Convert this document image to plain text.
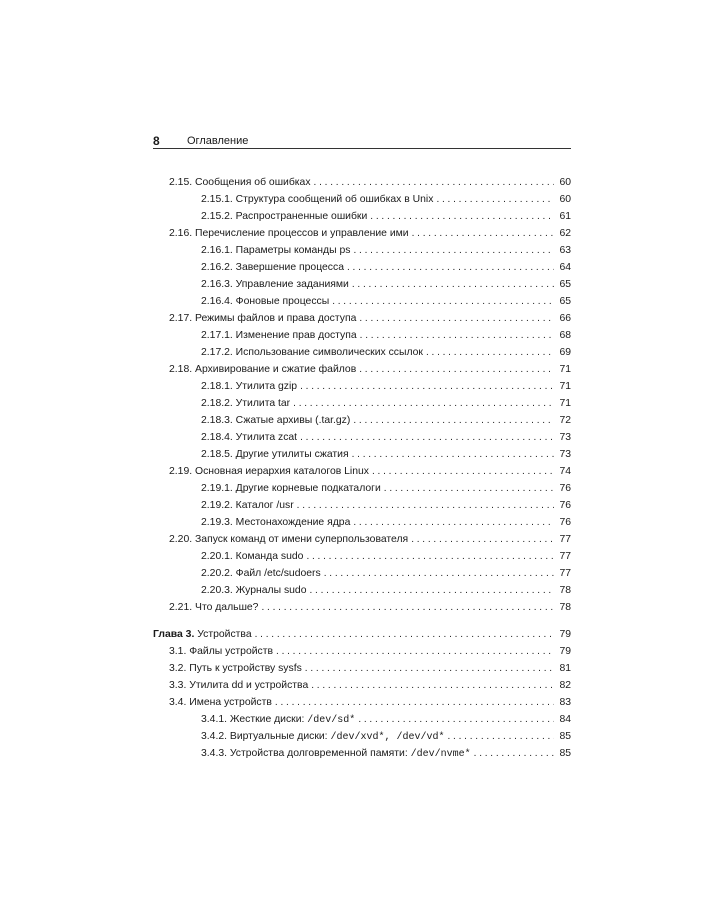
8	Оглавление
2.15. Сообщения об ошибках . . .	60
2.15.1. Структура сообщений об ошибках в Unix . . .	60
2.15.2. Распространенные ошибки . . .	61
2.16. Перечисление процессов и управление ими . . .	62
2.16.1. Параметры команды ps . . .	63
2.16.2. Завершение процесса . . .	64
2.16.3. Управление заданиями . . .	65
2.16.4. Фоновые процессы . . .	65
2.17. Режимы файлов и права доступа . . .	66
2.17.1. Изменение прав доступа . . .	68
2.17.2. Использование символических ссылок . . .	69
2.18. Архивирование и сжатие файлов . . .	71
2.18.1. Утилита gzip . . .	71
2.18.2. Утилита tar . . .	71
2.18.3. Сжатые архивы (.tar.gz) . . .	72
2.18.4. Утилита zcat . . .	73
2.18.5. Другие утилиты сжатия . . .	73
2.19. Основная иерархия каталогов Linux . . .	74
2.19.1. Другие корневые подкаталоги . . .	76
2.19.2. Каталог /usr . . .	76
2.19.3. Местонахождение ядра . . .	76
2.20. Запуск команд от имени суперпользователя . . .	77
2.20.1. Команда sudo . . .	77
2.20.2. Файл /etc/sudoers . . .	77
2.20.3. Журналы sudo . . .	78
2.21. Что дальше? . . .	78
Глава 3. Устройства . . .	79
3.1. Файлы устройств . . .	79
3.2. Путь к устройству sysfs . . .	81
3.3. Утилита dd и устройства . . .	82
3.4. Имена устройств . . .	83
3.4.1. Жесткие диски: /dev/sd* . . .	84
3.4.2. Виртуальные диски: /dev/xvd*, /dev/vd* . . .	85
3.4.3. Устройства долговременной памяти: /dev/nvme* . . .	85
